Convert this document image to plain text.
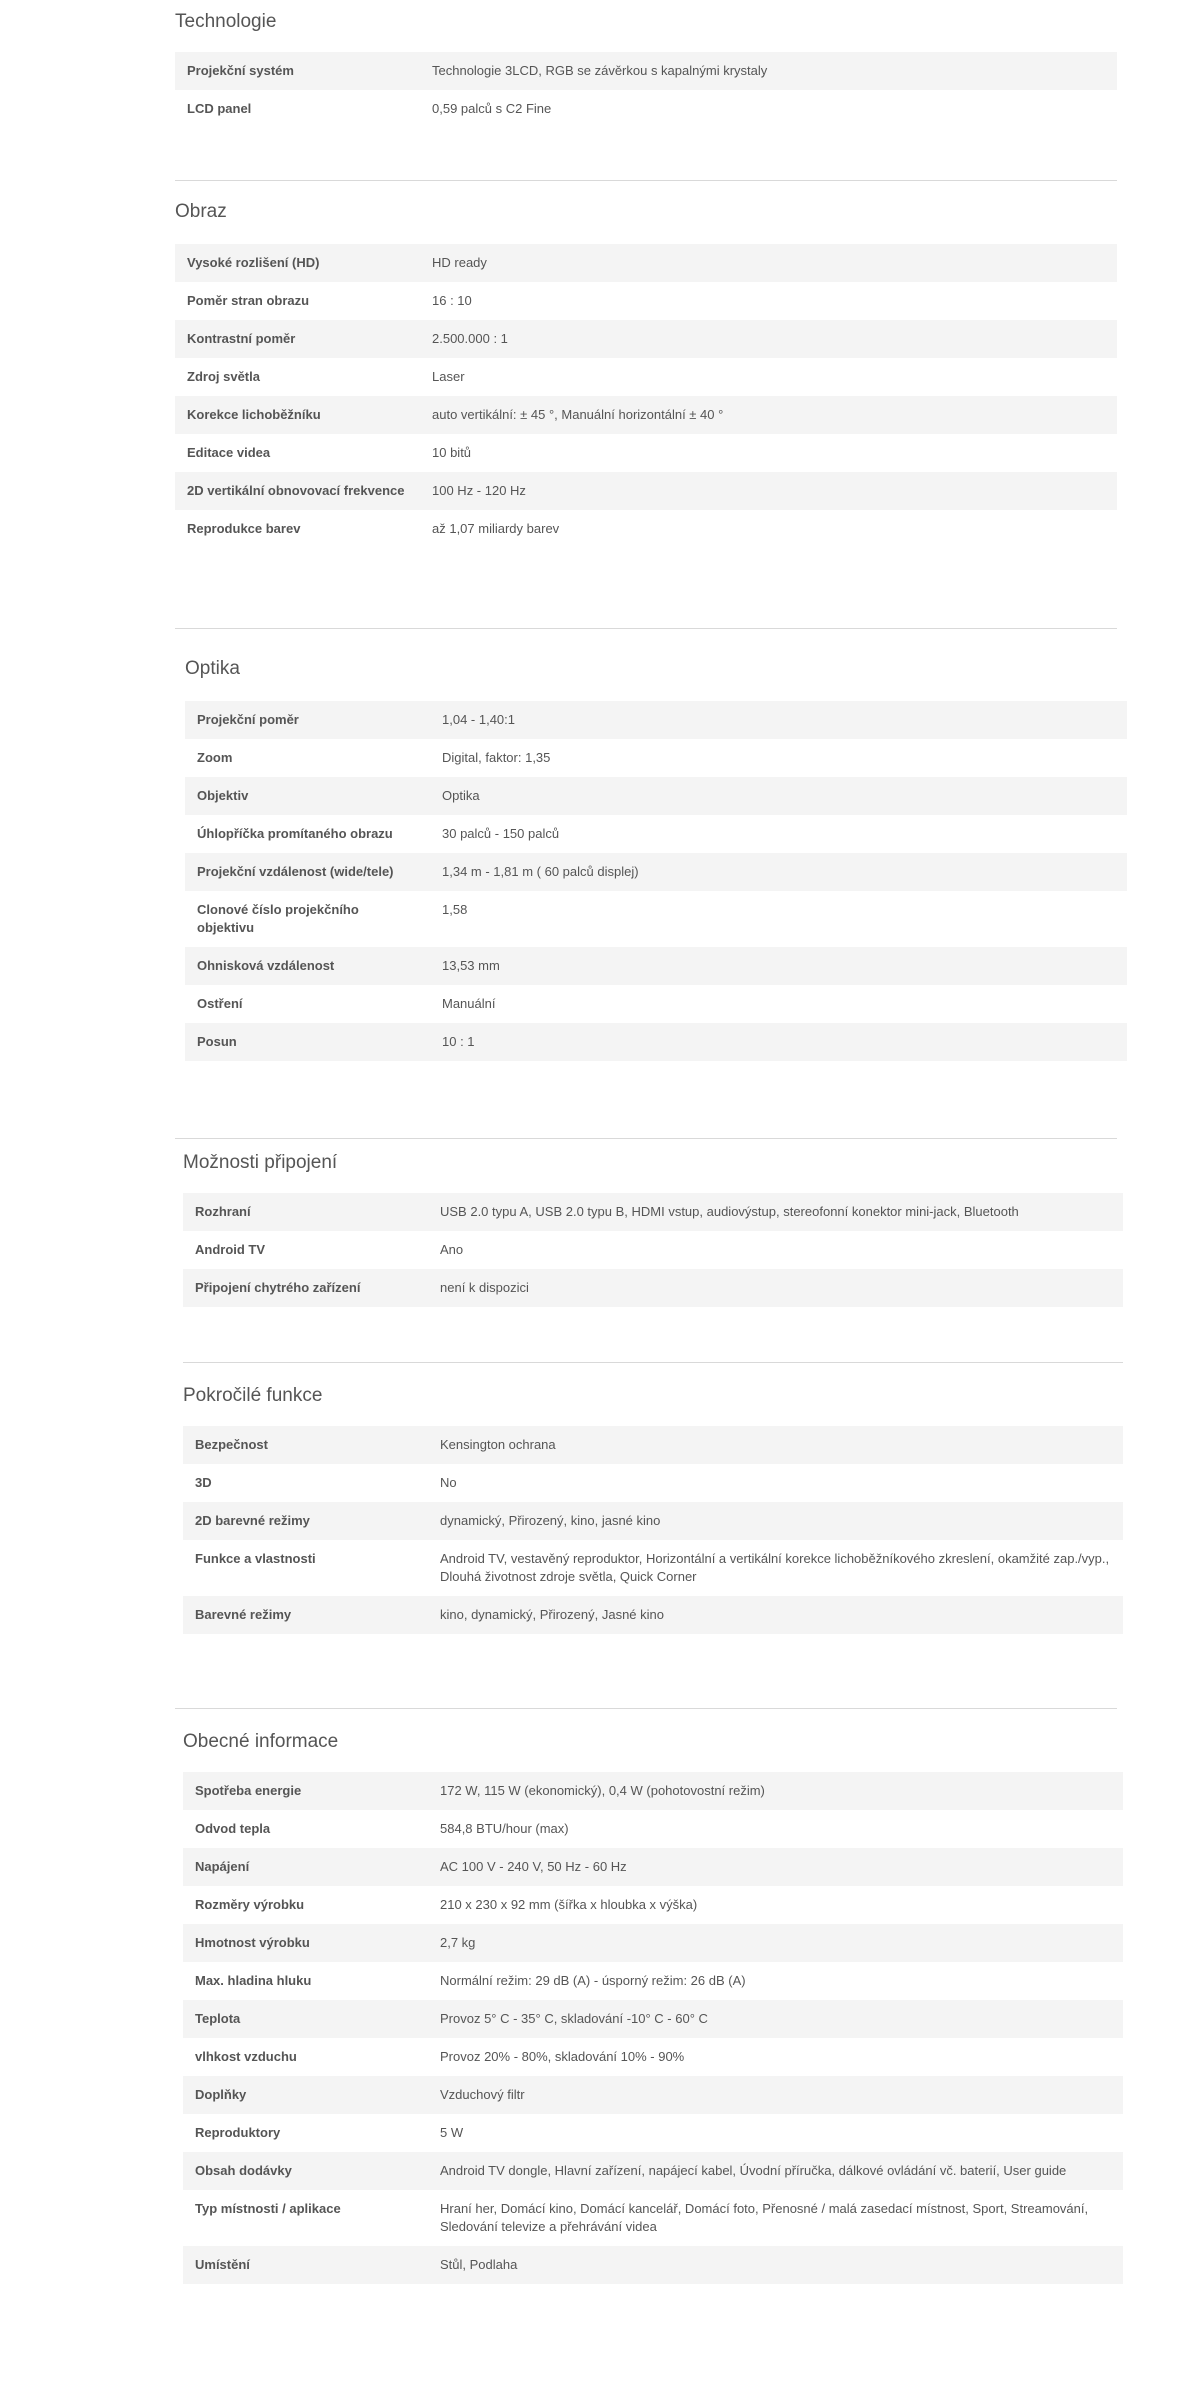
Technologie
Projekční systém	Technologie 3LCD, RGB se závěrkou s kapalnými krystaly
LCD panel	0,59 palců s C2 Fine
Obraz
Vysoké rozlišení (HD)	HD ready
Poměr stran obrazu	16 : 10
Kontrastní poměr	2.500.000 : 1
Zdroj světla	Laser
Korekce lichoběžníku	auto vertikální: ± 45 °, Manuální horizontální ± 40 °
Editace videa	10 bitů
2D vertikální obnovovací frekvence	100 Hz - 120 Hz
Reprodukce barev	až 1,07 miliardy barev
Optika
Projekční poměr	1,04 - 1,40:1
Zoom	Digital, faktor: 1,35
Objektiv	Optika
Úhlopříčka promítaného obrazu	30 palců - 150 palců
Projekční vzdálenost (wide/tele)	1,34 m - 1,81 m ( 60 palců displej)
Clonové číslo projekčního objektivu	1,58
Ohnisková vzdálenost	13,53 mm
Ostření	Manuální
Posun	10 : 1
Možnosti připojení
Rozhraní	USB 2.0 typu A, USB 2.0 typu B, HDMI vstup, audiovýstup, stereofonní konektor mini-jack, Bluetooth
Android TV	Ano
Připojení chytrého zařízení	není k dispozici
Pokročilé funkce
Bezpečnost	Kensington ochrana
3D	No
2D barevné režimy	dynamický, Přirozený, kino, jasné kino
Funkce a vlastnosti	Android TV, vestavěný reproduktor, Horizontální a vertikální korekce lichoběžníkového zkreslení, okamžité zap./vyp., Dlouhá životnost zdroje světla, Quick Corner
Barevné režimy	kino, dynamický, Přirozený, Jasné kino
Obecné informace
Spotřeba energie	172 W, 115 W (ekonomický), 0,4 W (pohotovostní režim)
Odvod tepla	584,8 BTU/hour (max)
Napájení	AC 100 V - 240 V, 50 Hz - 60 Hz
Rozměry výrobku	210 x 230 x 92 mm (šířka x hloubka x výška)
Hmotnost výrobku	2,7 kg
Max. hladina hluku	Normální režim: 29 dB (A) - úsporný režim: 26 dB (A)
Teplota	Provoz 5° C - 35° C, skladování -10° C - 60° C
vlhkost vzduchu	Provoz 20% - 80%, skladování 10% - 90%
Doplňky	Vzduchový filtr
Reproduktory	5 W
Obsah dodávky	Android TV dongle, Hlavní zařízení, napájecí kabel, Úvodní příručka, dálkové ovládání vč. baterií, User guide
Typ místnosti / aplikace	Hraní her, Domácí kino, Domácí kancelář, Domácí foto, Přenosné / malá zasedací místnost, Sport, Streamování, Sledování televize a přehrávání videa
Umístění	Stůl, Podlaha
